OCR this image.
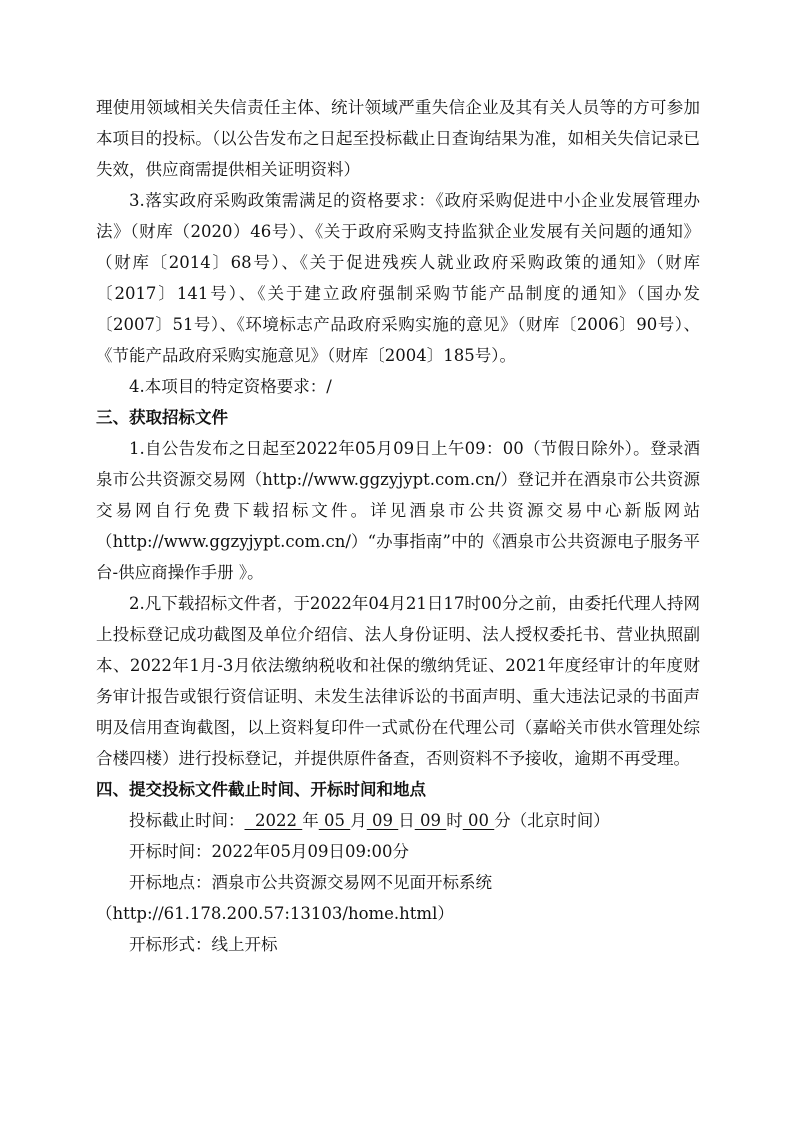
理使用领域相关失信责任主体、统计领域严重失信企业及其有关人员等的方可参加本项目的投标。（以公告发布之日起至投标截止日查询结果为准，如相关失信记录已失效，供应商需提供相关证明资料）

3.落实政府采购政策需满足的资格要求：《政府采购促进中小企业发展管理办法》（财库（2020）46号）、《关于政府采购支持监狱企业发展有关问题的通知》（财库〔2014〕68号）、《关于促进残疾人就业政府采购政策的通知》（财库〔2017〕141号）、《关于建立政府强制采购节能产品制度的通知》（国办发〔2007〕51号）、《环境标志产品政府采购实施的意见》（财库〔2006〕90号）、《节能产品政府采购实施意见》（财库〔2004〕185号）。

4.本项目的特定资格要求：/

三、获取招标文件

1.自公告发布之日起至2022年05月09日上午09：00（节假日除外）。登录酒泉市公共资源交易网（http://www.ggzyjypt.com.cn/）登记并在酒泉市公共资源交易网自行免费下载招标文件。详见酒泉市公共资源交易中心新版网站（http://www.ggzyjypt.com.cn/）“办事指南”中的《酒泉市公共资源电子服务平台-供应商操作手册 》。

2.凡下载招标文件者，于2022年04月21日17时00分之前，由委托代理人持网上投标登记成功截图及单位介绍信、法人身份证明、法人授权委托书、营业执照副本、2022年1月-3月依法缴纳税收和社保的缴纳凭证、2021年度经审计的年度财务审计报告或银行资信证明、未发生法律诉讼的书面声明、重大违法记录的书面声明及信用查询截图，以上资料复印件一式贰份在代理公司（嘉峪关市供水管理处综合楼四楼）进行投标登记，并提供原件备查，否则资料不予接收，逾期不再受理。

四、提交投标文件截止时间、开标时间和地点

投标截止时间： 2022 年 05 月 09 日 09 时 00 分（北京时间）

开标时间：2022年05月09日09:00分

开标地点：酒泉市公共资源交易网不见面开标系统

（http://61.178.200.57:13103/home.html）

开标形式：线上开标
